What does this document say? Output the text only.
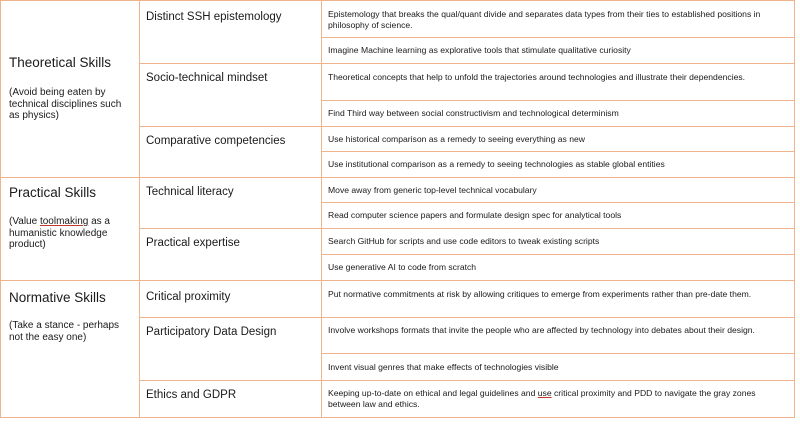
Theoretical Skills
(Avoid being eaten by technical disciplines such as physics)
Distinct SSH epistemology	Epistemology that breaks the qual/quant divide and separates data types from their ties to established positions in philosophy of science.
Imagine Machine learning as explorative tools that stimulate qualitative curiosity
Socio-technical mindset	Theoretical concepts that help to unfold the trajectories around technologies and illustrate their dependencies.
Find Third way between social constructivism and technological determinism
Comparative competencies	Use historical comparison as a remedy to seeing everything as new
Use institutional comparison as a remedy to seeing technologies as stable global entities
Practical Skills
(Value toolmaking as a humanistic knowledge product)
Technical literacy	Move away from generic top-level technical vocabulary
Read computer science papers and formulate design spec for analytical tools
Practical expertise	Search GitHub for scripts and use code editors to tweak existing scripts
Use generative AI to code from scratch
Normative Skills
(Take a stance - perhaps not the easy one)
Critical proximity	Put normative commitments at risk by allowing critiques to emerge from experiments rather than pre-date them.
Participatory Data Design	Involve workshops formats that invite the people who are affected by technology into debates about their design.
Invent visual genres that make effects of technologies visible
Ethics and GDPR	Keeping up-to-date on ethical and legal guidelines and use critical proximity and PDD to navigate the gray zones between law and ethics.
